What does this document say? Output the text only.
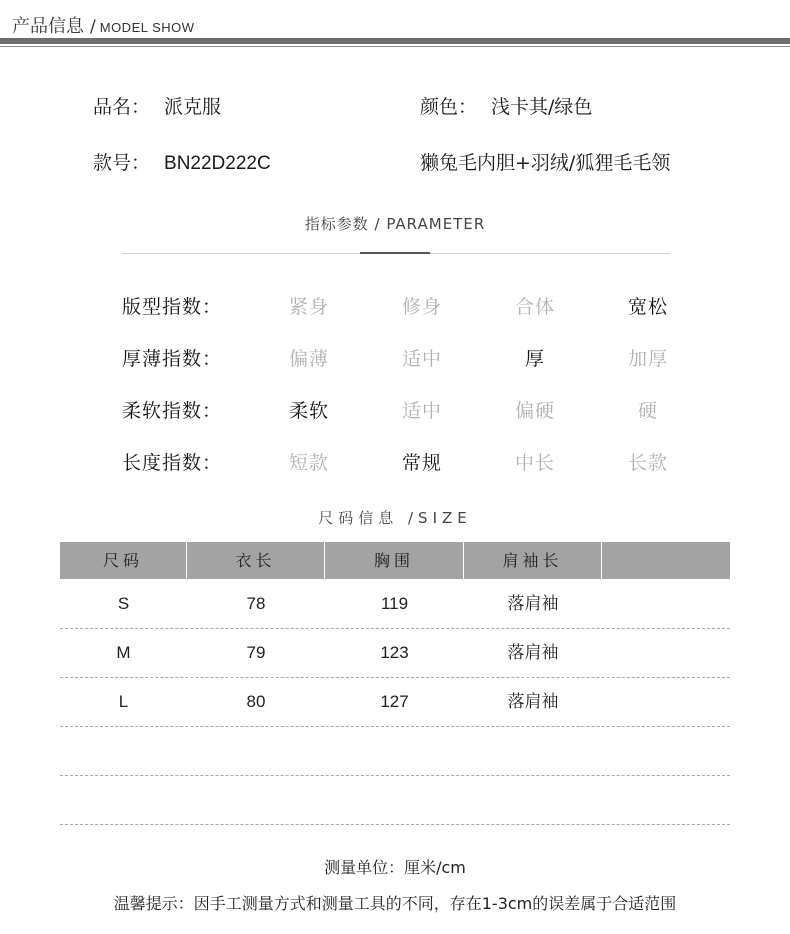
产品信息 / MODEL SHOW
品名： 派克服	颜色： 浅卡其/绿色
款号： BN22D222C	獭兔毛内胆+羽绒/狐狸毛毛领
指标参数 / PARAMETER
版型指数：	紧身	修身	合体	宽松
厚薄指数：	偏薄	适中	厚	加厚
柔软指数：	柔软	适中	偏硬	硬
长度指数：	短款	常规	中长	长款
尺码信息 /SIZE
尺码	衣长	胸围	肩袖长
S	78	119	落肩袖
M	79	123	落肩袖
L	80	127	落肩袖
测量单位：厘米/cm
温馨提示：因手工测量方式和测量工具的不同，存在1-3cm的误差属于合适范围
